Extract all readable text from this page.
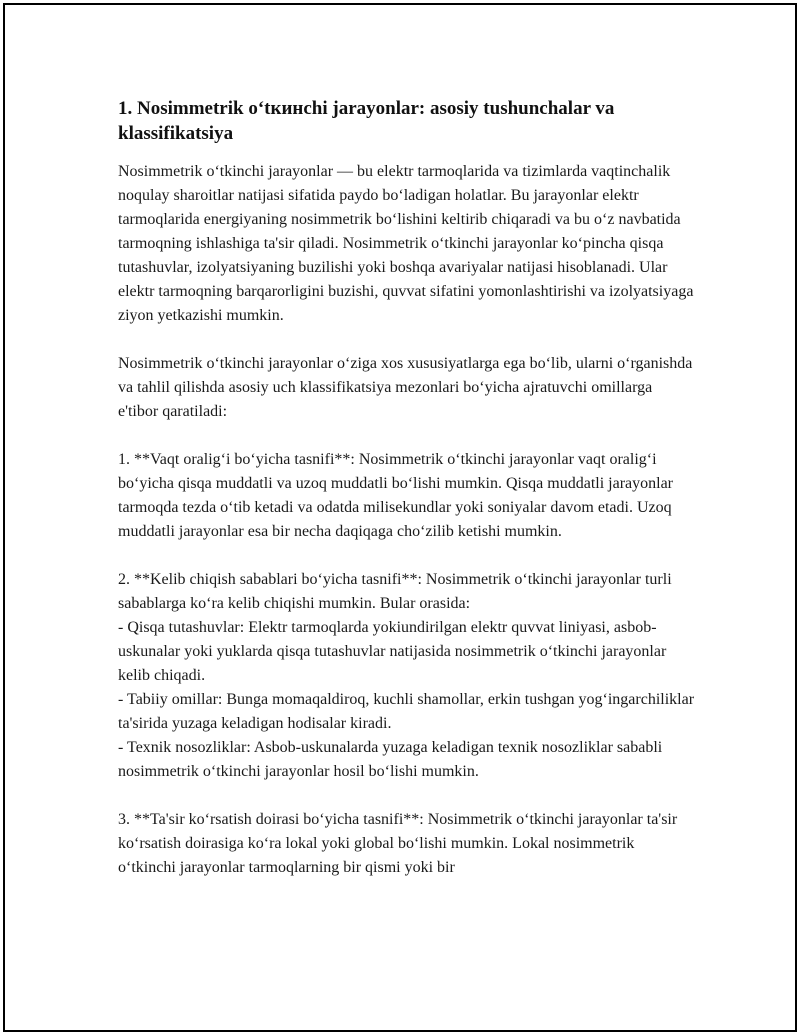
1. Nosimmetrik o‘tкинchi jarayonlar: asosiy tushunchalar va klassifikatsiya

Nosimmetrik o‘tkinchi jarayonlar — bu elektr tarmoqlarida va tizimlarda vaqtinchalik noqulay sharoitlar natijasi sifatida paydo bo‘ladigan holatlar. Bu jarayonlar elektr tarmoqlarida energiyaning nosimmetrik bo‘lishini keltirib chiqaradi va bu o‘z navbatida tarmoqning ishlashiga ta'sir qiladi. Nosimmetrik o‘tkinchi jarayonlar ko‘pincha qisqa tutashuvlar, izolyatsiyaning buzilishi yoki boshqa avariyalar natijasi hisoblanadi. Ular elektr tarmoqning barqarorligini buzishi, quvvat sifatini yomonlashtirishi va izolyatsiyaga ziyon yetkazishi mumkin.

Nosimmetrik o‘tkinchi jarayonlar o‘ziga xos xususiyatlarga ega bo‘lib, ularni o‘rganishda va tahlil qilishda asosiy uch klassifikatsiya mezonlari bo‘yicha ajratuvchi omillarga e'tibor qaratiladi:

1. **Vaqt oralig‘i bo‘yicha tasnifi**: Nosimmetrik o‘tkinchi jarayonlar vaqt oralig‘i bo‘yicha qisqa muddatli va uzoq muddatli bo‘lishi mumkin. Qisqa muddatli jarayonlar tarmoqda tezda o‘tib ketadi va odatda milisekundlar yoki soniyalar davom etadi. Uzoq muddatli jarayonlar esa bir necha daqiqaga cho‘zilib ketishi mumkin.

2. **Kelib chiqish sabablari bo‘yicha tasnifi**: Nosimmetrik o‘tkinchi jarayonlar turli sabablarga ko‘ra kelib chiqishi mumkin. Bular orasida:
- Qisqa tutashuvlar: Elektr tarmoqlarda yokiundirilgan elektr quvvat liniyasi, asbob-uskunalar yoki yuklarda qisqa tutashuvlar natijasida nosimmetrik o‘tkinchi jarayonlar kelib chiqadi.
- Tabiiy omillar: Bunga momaqaldiroq, kuchli shamollar, erkin tushgan yog‘ingarchiliklar ta'sirida yuzaga keladigan hodisalar kiradi.
- Texnik nosozliklar: Asbob-uskunalarda yuzaga keladigan texnik nosozliklar sababli nosimmetrik o‘tkinchi jarayonlar hosil bo‘lishi mumkin.

3. **Ta'sir ko‘rsatish doirasi bo‘yicha tasnifi**: Nosimmetrik o‘tkinchi jarayonlar ta'sir ko‘rsatish doirasiga ko‘ra lokal yoki global bo‘lishi mumkin. Lokal nosimmetrik o‘tkinchi jarayonlar tarmoqlarning bir qismi yoki bir
